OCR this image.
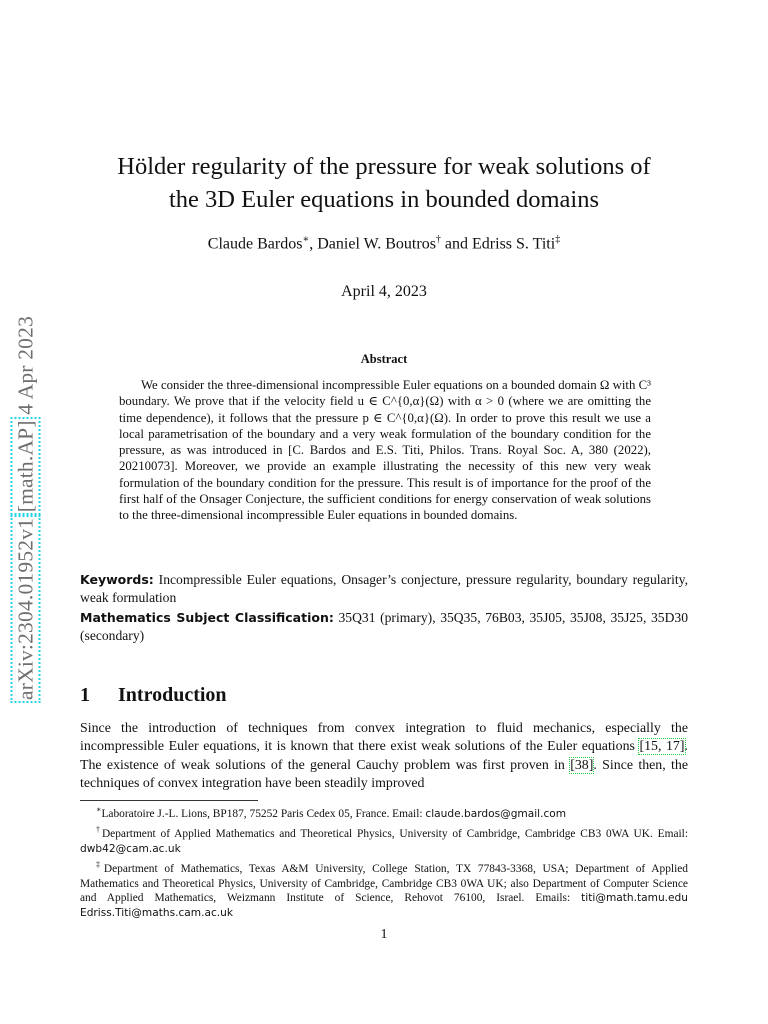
arXiv:2304.01952v1 [math.AP] 4 Apr 2023
Hölder regularity of the pressure for weak solutions of
the 3D Euler equations in bounded domains
Claude Bardos∗, Daniel W. Boutros† and Edriss S. Titi‡
April 4, 2023
Abstract

We consider the three-dimensional incompressible Euler equations on a bounded domain Ω with C³ boundary. We prove that if the velocity field u ∈ C^{0,α}(Ω) with α > 0 (where we are omitting the time dependence), it follows that the pressure p ∈ C^{0,α}(Ω). In order to prove this result we use a local parametrisation of the boundary and a very weak formulation of the boundary condition for the pressure, as was introduced in [C. Bardos and E.S. Titi, Philos. Trans. Royal Soc. A, 380 (2022), 20210073]. Moreover, we provide an example illustrating the necessity of this new very weak formulation of the boundary condition for the pressure. This result is of importance for the proof of the first half of the Onsager Conjecture, the sufficient conditions for energy conservation of weak solutions to the three-dimensional incompressible Euler equations in bounded domains.

Keywords: Incompressible Euler equations, Onsager’s conjecture, pressure regularity, boundary regularity, weak formulation

Mathematics Subject Classification: 35Q31 (primary), 35Q35, 76B03, 35J05, 35J08, 35J25, 35D30 (secondary)

1 Introduction

Since the introduction of techniques from convex integration to fluid mechanics, especially the incompressible Euler equations, it is known that there exist weak solutions of the Euler equations [15, 17]. The existence of weak solutions of the general Cauchy problem was first proven in [38]. Since then, the techniques of convex integration have been steadily improved

∗Laboratoire J.-L. Lions, BP187, 75252 Paris Cedex 05, France. Email: claude.bardos@gmail.com

†Department of Applied Mathematics and Theoretical Physics, University of Cambridge, Cambridge CB3 0WA UK. Email: dwb42@cam.ac.uk

‡Department of Mathematics, Texas A&M University, College Station, TX 77843-3368, USA; Department of Applied Mathematics and Theoretical Physics, University of Cambridge, Cambridge CB3 0WA UK; also Department of Computer Science and Applied Mathematics, Weizmann Institute of Science, Rehovot 76100, Israel. Emails: titi@math.tamu.edu Edriss.Titi@maths.cam.ac.uk

1
